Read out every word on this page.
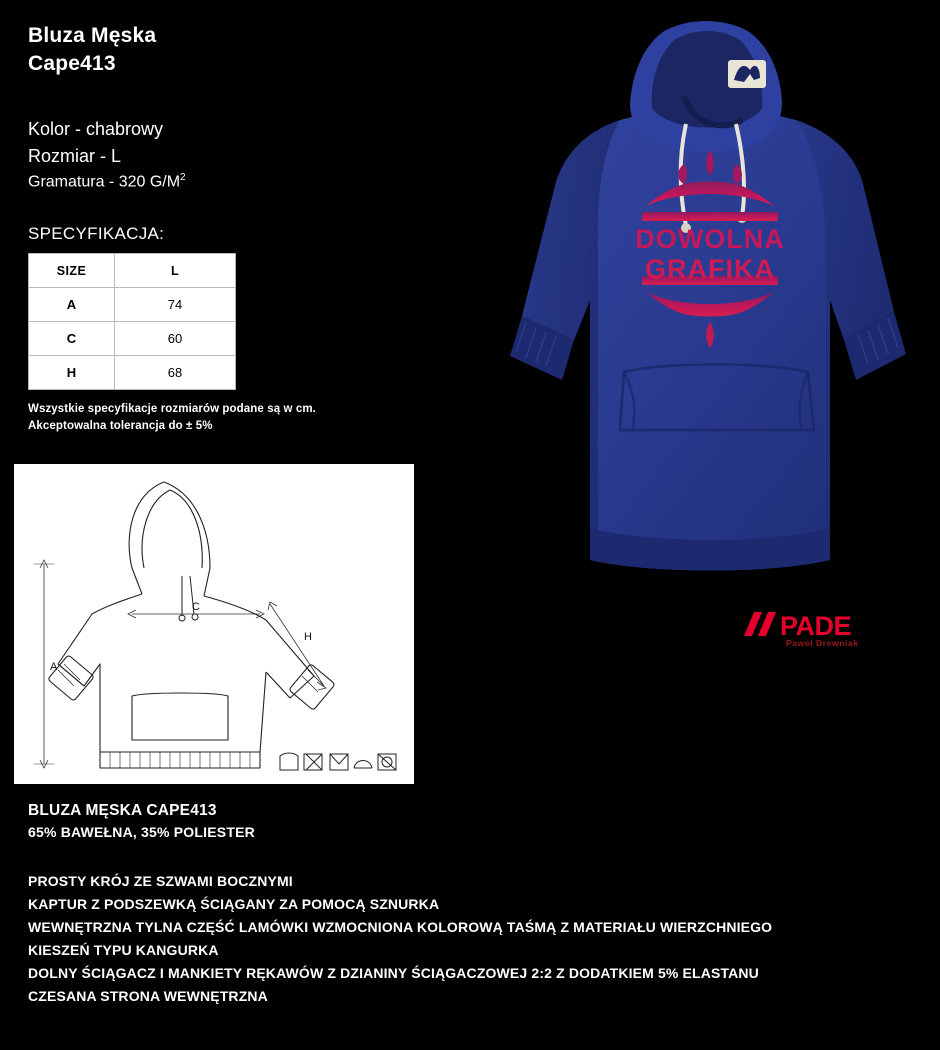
Bluza Męska
Cape413
Kolor - chabrowy
Rozmiar - L
Gramatura - 320 $G/M^2$
SPECYFIKACJA:
SIZE	L
A	74
C	60
H	68
Wszystkie specyfikacje rozmiarów podane są w cm.
Akceptowalna tolerancja do ± 5%
A
C
H
DOWOLNA
GRAFIKA
PADE
Paweł Drewniak
BLUZA MĘSKA CAPE413
65% BAWEŁNA, 35% POLIESTER
PROSTY KRÓJ ZE SZWAMI BOCZNYMI
KAPTUR Z PODSZEWKĄ ŚCIĄGANY ZA POMOCĄ SZNURKA
WEWNĘTRZNA TYLNA CZĘŚĆ LAMÓWKI WZMOCNIONA KOLOROWĄ TAŚMĄ Z MATERIAŁU WIERZCHNIEGO
KIESZEŃ TYPU KANGURKA
DOLNY ŚCIĄGACZ I MANKIETY RĘKAWÓW Z DZIANINY ŚCIĄGACZOWEJ 2:2 Z DODATKIEM 5% ELASTANU
CZESANA STRONA WEWNĘTRZNA
